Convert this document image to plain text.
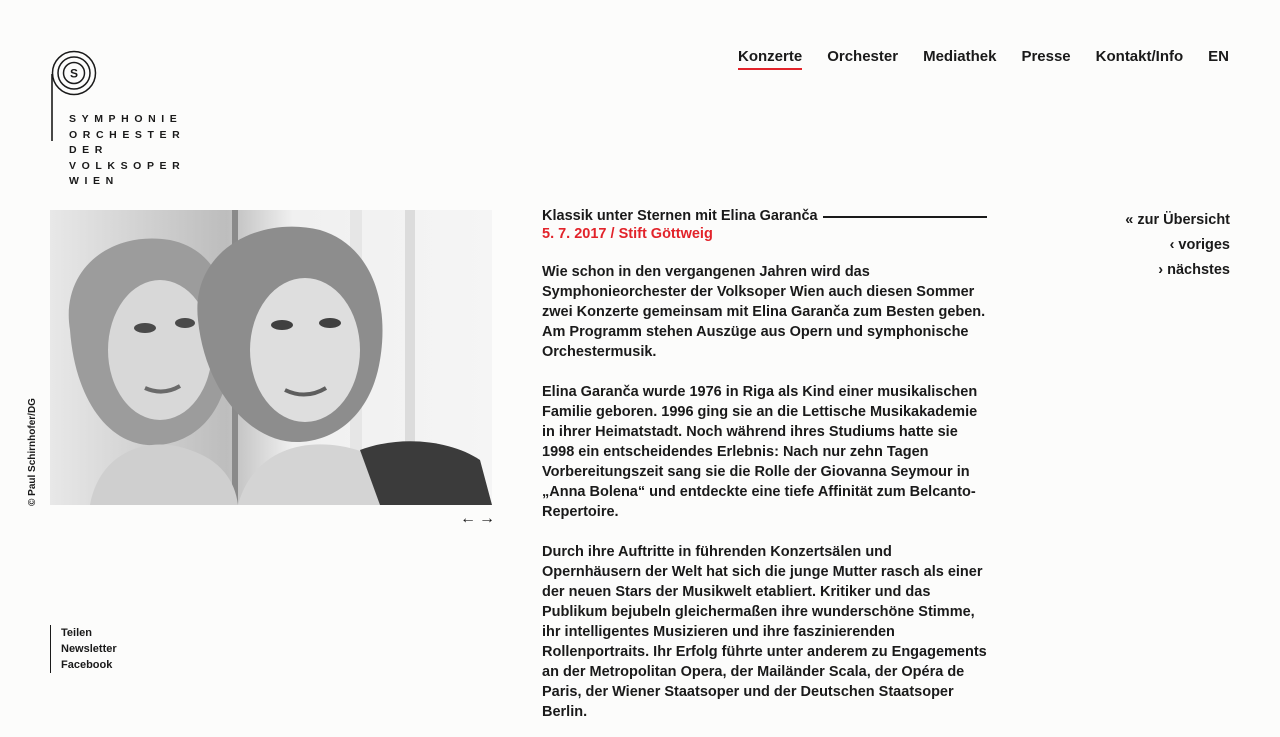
S
SYMPHONIE
ORCHESTER
DER
VOLKSOPER
WIEN
Konzerte Orchester Mediathek Presse Kontakt/Info EN
© Paul Schirnhofer/DG
← →
Teilen
Newsletter
Facebook
Klassik unter Sternen mit Elina Garanča
5. 7. 2017 / Stift Göttweig

Wie schon in den vergangenen Jahren wird das Symphonieorchester der Volksoper Wien auch diesen Sommer zwei Konzerte gemeinsam mit Elina Garanča zum Besten geben. Am Programm stehen Auszüge aus Opern und symphonische Orchestermusik.

Elina Garanča wurde 1976 in Riga als Kind einer musikalischen Familie geboren. 1996 ging sie an die Lettische Musikakademie in ihrer Heimatstadt. Noch während ihres Studiums hatte sie 1998 ein entscheidendes Erlebnis: Nach nur zehn Tagen Vorbereitungszeit sang sie die Rolle der Giovanna Seymour in „Anna Bolena“ und entdeckte eine tiefe Affinität zum Belcanto-Repertoire.

Durch ihre Auftritte in führenden Konzertsälen und Opernhäusern der Welt hat sich die junge Mutter rasch als einer der neuen Stars der Musikwelt etabliert. Kritiker und das Publikum bejubeln gleichermaßen ihre wunderschöne Stimme, ihr intelligentes Musizieren und ihre faszinierenden Rollenportraits. Ihr Erfolg führte unter anderem zu Engagements an der Metropolitan Opera, der Mailänder Scala, der Opéra de Paris, der Wiener Staatsoper und der Deutschen Staatsoper Berlin.

« zur Übersicht
‹ voriges
› nächstes
